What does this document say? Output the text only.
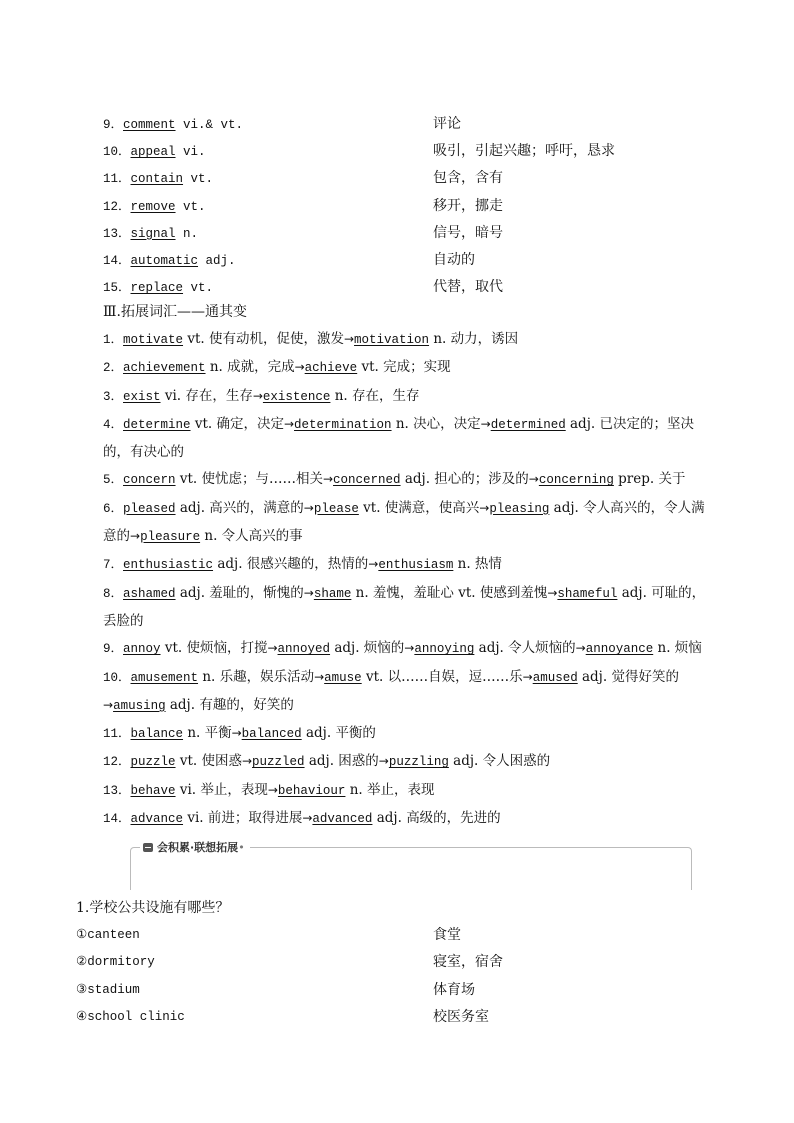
9．comment vi.& vt.	评论
10．appeal vi.	吸引，引起兴趣；呼吁，恳求
11．contain vt.	包含，含有
12．remove vt.	移开，挪走
13．signal n.	信号，暗号
14．automatic adj.	自动的
15．replace vt.	代替，取代
Ⅲ.拓展词汇——通其变
1．motivate vt. 使有动机，促使，激发→motivation n. 动力，诱因
2．achievement n. 成就，完成→achieve vt. 完成；实现
3．exist vi. 存在，生存→existence n. 存在，生存
4．determine vt. 确定，决定→determination n. 决心，决定→determined adj. 已决定的；坚决的，有决心的
5．concern vt. 使忧虑；与……相关→concerned adj. 担心的；涉及的→concerning prep. 关于
6．pleased adj. 高兴的，满意的→please vt. 使满意，使高兴→pleasing adj. 令人高兴的，令人满意的→pleasure n. 令人高兴的事
7．enthusiastic adj. 很感兴趣的，热情的→enthusiasm n. 热情
8．ashamed adj. 羞耻的，惭愧的→shame n. 羞愧，羞耻心 vt. 使感到羞愧→shameful adj. 可耻的，丢脸的
9．annoy vt. 使烦恼，打搅→annoyed adj. 烦恼的→annoying adj. 令人烦恼的→annoyance n. 烦恼
10．amusement n. 乐趣，娱乐活动→amuse vt. 以……自娱，逗……乐→amused adj. 觉得好笑的→amusing adj. 有趣的，好笑的
11．balance n. 平衡→balanced adj. 平衡的
12．puzzle vt. 使困惑→puzzled adj. 困惑的→puzzling adj. 令人困惑的
13．behave vi. 举止，表现→behaviour n. 举止，表现
14．advance vi. 前进；取得进展→advanced adj. 高级的，先进的
会积累·联想拓展•
1.学校公共设施有哪些？
①canteen	食堂
②dormitory	寝室，宿舍
③stadium	体育场
④school clinic	校医务室
